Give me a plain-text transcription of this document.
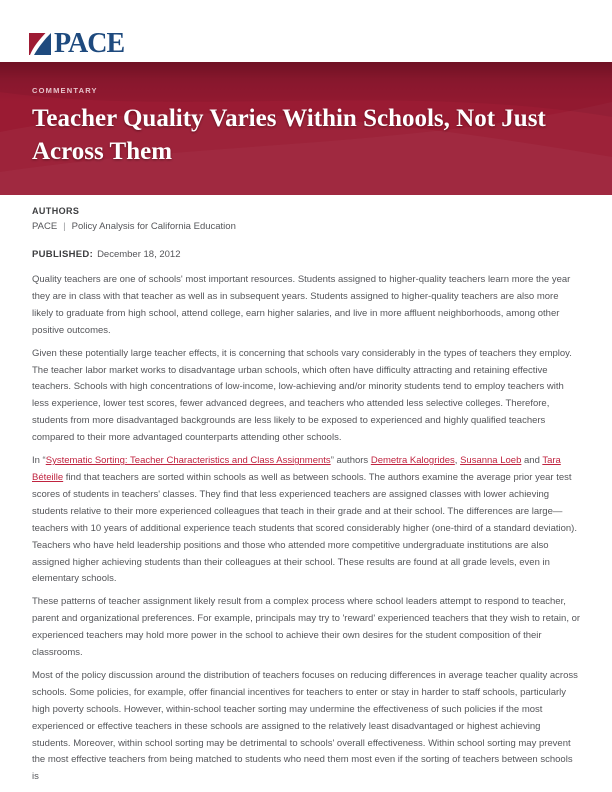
PACE
COMMENTARY
Teacher Quality Varies Within Schools, Not Just Across Them
AUTHORS
PACE | Policy Analysis for California Education
PUBLISHED: December 18, 2012

Quality teachers are one of schools' most important resources. Students assigned to higher-quality teachers learn more the year they are in class with that teacher as well as in subsequent years. Students assigned to higher-quality teachers are also more likely to graduate from high school, attend college, earn higher salaries, and live in more affluent neighborhoods, among other positive outcomes.

Given these potentially large teacher effects, it is concerning that schools vary considerably in the types of teachers they employ. The teacher labor market works to disadvantage urban schools, which often have difficulty attracting and retaining effective teachers. Schools with high concentrations of low-income, low-achieving and/or minority students tend to employ teachers with less experience, lower test scores, fewer advanced degrees, and teachers who attended less selective colleges. Therefore, students from more disadvantaged backgrounds are less likely to be exposed to experienced and highly qualified teachers compared to their more advantaged counterparts attending other schools.

In “Systematic Sorting: Teacher Characteristics and Class Assignments” authors Demetra Kalogrides, Susanna Loeb and Tara Béteille find that teachers are sorted within schools as well as between schools. The authors examine the average prior year test scores of students in teachers' classes. They find that less experienced teachers are assigned classes with lower achieving students relative to their more experienced colleagues that teach in their grade and at their school. The differences are large—teachers with 10 years of additional experience teach students that scored considerably higher (one-third of a standard deviation). Teachers who have held leadership positions and those who attended more competitive undergraduate institutions are also assigned higher achieving students than their colleagues at their school. These results are found at all grade levels, even in elementary schools.

These patterns of teacher assignment likely result from a complex process where school leaders attempt to respond to teacher, parent and organizational preferences. For example, principals may try to 'reward' experienced teachers that they wish to retain, or experienced teachers may hold more power in the school to achieve their own desires for the student composition of their classrooms.

Most of the policy discussion around the distribution of teachers focuses on reducing differences in average teacher quality across schools. Some policies, for example, offer financial incentives for teachers to enter or stay in harder to staff schools, particularly high poverty schools. However, within-school teacher sorting may undermine the effectiveness of such policies if the most experienced or effective teachers in these schools are assigned to the relatively least disadvantaged or highest achieving students. Moreover, within school sorting may be detrimental to schools' overall effectiveness. Within school sorting may prevent the most effective teachers from being matched to students who need them most even if the sorting of teachers between schools is
